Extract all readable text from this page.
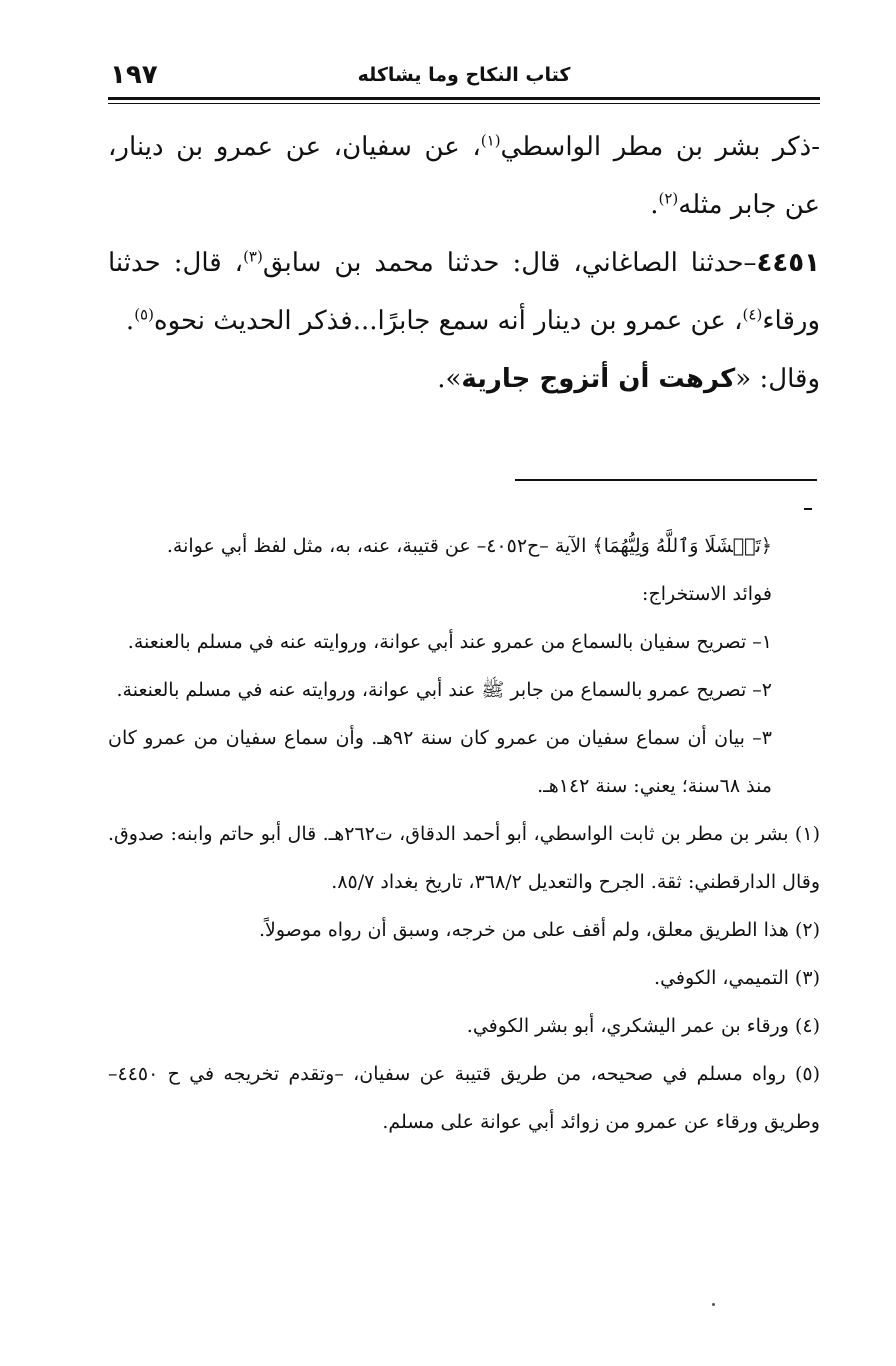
كتاب النكاح وما يشاكله
١٩٧

-ذكر بشر بن مطر الواسطي$^{(١)}$، عن سفيان، عن عمرو بن دينار، عن جابر مثله$^{(٢)}$.

٤٤٥١–حدثنا الصاغاني، قال: حدثنا محمد بن سابق$^{(٣)}$، قال: حدثنا ورقاء$^{(٤)}$، عن عمرو بن دينار أنه سمع جابرًا...فذكر الحديث نحوه$^{(٥)}$.

وقال: «كرهت أن أتزوج جارية».

﴿تَفۡشَلَا وَٱللَّهُ وَلِيُّهُمَا﴾ الآية –ح٤٠٥٢– عن قتيبة، عنه، به، مثل لفظ أبي عوانة.

فوائد الاستخراج:

١– تصريح سفيان بالسماع من عمرو عند أبي عوانة، وروايته عنه في مسلم بالعنعنة.

٢– تصريح عمرو بالسماع من جابر ﷺ عند أبي عوانة، وروايته عنه في مسلم بالعنعنة.

٣– بيان أن سماع سفيان من عمرو كان سنة ٩٢هـ. وأن سماع سفيان من عمرو كان منذ ٦٨سنة؛ يعني: سنة ١٤٢هـ.

(١) بشر بن مطر بن ثابت الواسطي، أبو أحمد الدقاق، ت٢٦٢هـ. قال أبو حاتم وابنه: صدوق. وقال الدارقطني: ثقة. الجرح والتعديل ٣٦٨/٢، تاريخ بغداد ٨٥/٧.

(٢) هذا الطريق معلق، ولم أقف على من خرجه، وسبق أن رواه موصولاً.

(٣) التميمي، الكوفي.

(٤) ورقاء بن عمر اليشكري، أبو بشر الكوفي.

(٥) رواه مسلم في صحيحه، من طريق قتيبة عن سفيان، –وتقدم تخريجه في ح ٤٤٥٠– وطريق ورقاء عن عمرو من زوائد أبي عوانة على مسلم.
